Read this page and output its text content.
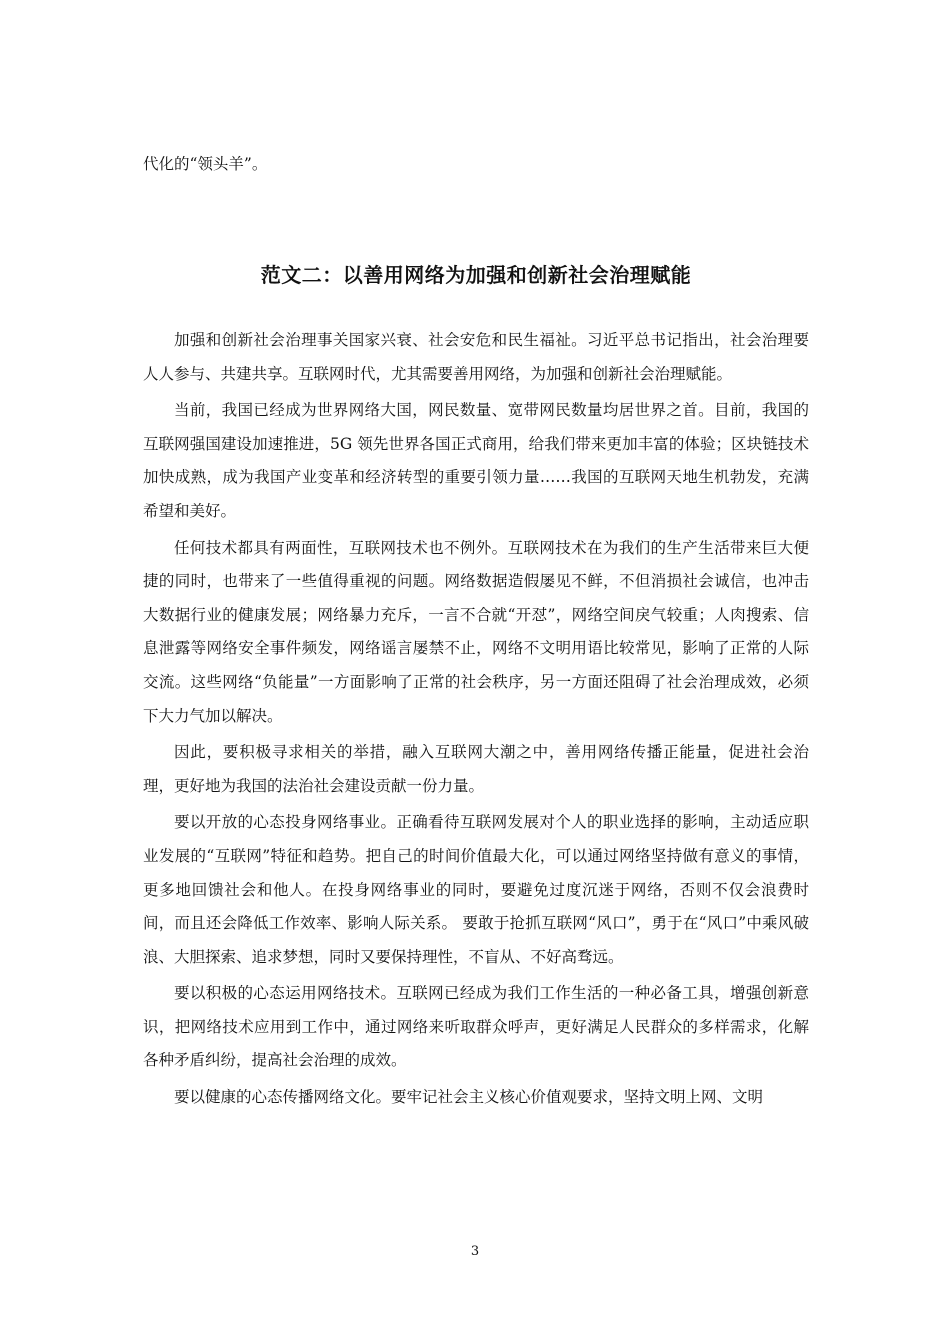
代化的“领头羊”。

范文二：以善用网络为加强和创新社会治理赋能

加强和创新社会治理事关国家兴衰、社会安危和民生福祉。习近平总书记指出，社会治理要人人参与、共建共享。互联网时代，尤其需要善用网络，为加强和创新社会治理赋能。

当前，我国已经成为世界网络大国，网民数量、宽带网民数量均居世界之首。目前，我国的互联网强国建设加速推进，5G 领先世界各国正式商用，给我们带来更加丰富的体验；区块链技术加快成熟，成为我国产业变革和经济转型的重要引领力量……我国的互联网天地生机勃发，充满希望和美好。

任何技术都具有两面性，互联网技术也不例外。互联网技术在为我们的生产生活带来巨大便捷的同时，也带来了一些值得重视的问题。网络数据造假屡见不鲜，不但消损社会诚信，也冲击大数据行业的健康发展；网络暴力充斥，一言不合就“开怼”，网络空间戾气较重；人肉搜索、信息泄露等网络安全事件频发，网络谣言屡禁不止，网络不文明用语比较常见，影响了正常的人际交流。这些网络“负能量”一方面影响了正常的社会秩序，另一方面还阻碍了社会治理成效，必须下大力气加以解决。

因此，要积极寻求相关的举措，融入互联网大潮之中，善用网络传播正能量，促进社会治理，更好地为我国的法治社会建设贡献一份力量。

要以开放的心态投身网络事业。正确看待互联网发展对个人的职业选择的影响，主动适应职业发展的“互联网”特征和趋势。把自己的时间价值最大化，可以通过网络坚持做有意义的事情，更多地回馈社会和他人。在投身网络事业的同时，要避免过度沉迷于网络，否则不仅会浪费时间，而且还会降低工作效率、影响人际关系。 要敢于抢抓互联网“风口”，勇于在“风口”中乘风破浪、大胆探索、追求梦想，同时又要保持理性，不盲从、不好高骛远。

要以积极的心态运用网络技术。互联网已经成为我们工作生活的一种必备工具，增强创新意识，把网络技术应用到工作中，通过网络来听取群众呼声，更好满足人民群众的多样需求，化解各种矛盾纠纷，提高社会治理的成效。

要以健康的心态传播网络文化。要牢记社会主义核心价值观要求，坚持文明上网、文明

3
